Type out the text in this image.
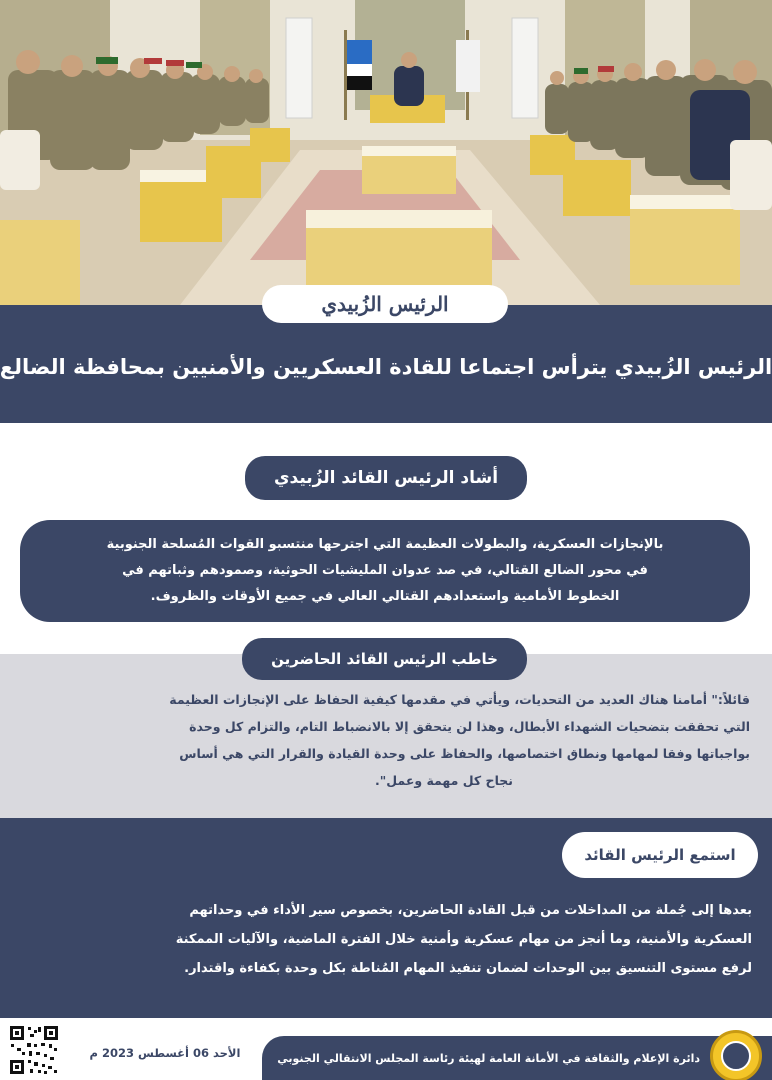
الرئيس الزُبيدي
الرئيس الزُبيدي يترأس اجتماعا للقادة العسكريين والأمنيين بمحافظة الضالع
أشاد الرئيس القائد الزُبيدي
بالإنجازات العسكرية، والبطولات العظيمة التي اجترحها منتسبو القوات المُسلحة الجنوبية
في محور الضالع القتالي، في صد عدوان المليشيات الحوثية، وصمودهم وثباتهم في
الخطوط الأمامية واستعدادهم القتالي العالي في جميع الأوقات والظروف.
خاطب الرئيس القائد الحاضرين
قائلاً:" أمامنا هناك العديد من التحديات، ويأتي في مقدمها كيفية الحفاظ على الإنجازات العظيمة
التي تحققت بتضحيات الشهداء الأبطال، وهذا لن يتحقق إلا بالانضباط التام، والتزام كل وحدة
بواجباتها وفقا لمهامها ونطاق اختصاصها، والحفاظ على وحدة القيادة والقرار التي هي أساس
نجاح كل مهمة وعمل".
استمع الرئيس القائد
بعدها إلى جُملة من المداخلات من قبل القادة الحاضرين، بخصوص سير الأداء في وحداتهم
العسكرية والأمنية، وما أنجز من مهام عسكرية وأمنية خلال الفترة الماضية، والآليات الممكنة
لرفع مستوى التنسيق بين الوحدات لضمان تنفيذ المهام المُناطة بكل وحدة بكفاءة واقتدار.
دائرة الإعلام والثقافة في الأمانة العامة لهيئة رئاسة المجلس الانتقالي الجنوبي
الأحد 06 أغسطس 2023 م
